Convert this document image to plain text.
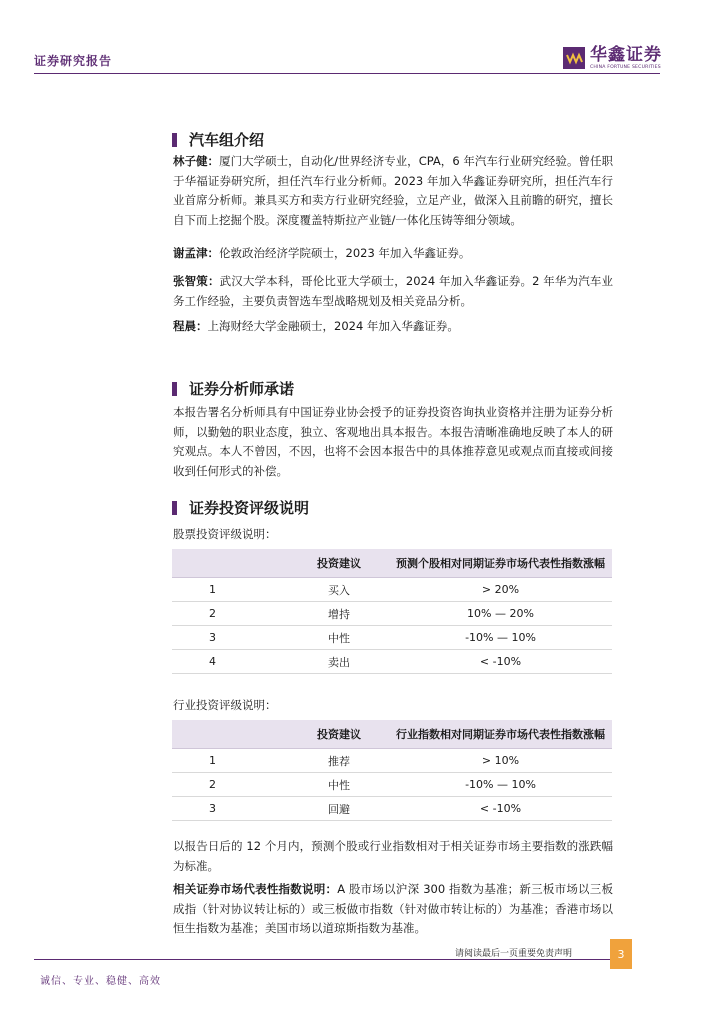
证券研究报告	华鑫证券
CHINA FORTUNE SECURITIES
汽车组介绍
林子健：厦门大学硕士，自动化/世界经济专业，CPA，6 年汽车行业研究经验。曾任职于华福证券研究所，担任汽车行业分析师。2023 年加入华鑫证券研究所，担任汽车行业首席分析师。兼具买方和卖方行业研究经验，立足产业，做深入且前瞻的研究，擅长自下而上挖掘个股。深度覆盖特斯拉产业链/一体化压铸等细分领域。
谢孟津：伦敦政治经济学院硕士，2023 年加入华鑫证券。
张智策：武汉大学本科，哥伦比亚大学硕士，2024 年加入华鑫证券。2 年华为汽车业务工作经验，主要负责智选车型战略规划及相关竞品分析。
程晨：上海财经大学金融硕士，2024 年加入华鑫证券。
证券分析师承诺
本报告署名分析师具有中国证券业协会授予的证券投资咨询执业资格并注册为证券分析师，以勤勉的职业态度，独立、客观地出具本报告。本报告清晰准确地反映了本人的研究观点。本人不曾因，不因，也将不会因本报告中的具体推荐意见或观点而直接或间接收到任何形式的补偿。
证券投资评级说明
股票投资评级说明：
	投资建议	预测个股相对同期证券市场代表性指数涨幅
1	买入	> 20%
2	增持	10% — 20%
3	中性	-10% — 10%
4	卖出	< -10%
行业投资评级说明：
	投资建议	行业指数相对同期证券市场代表性指数涨幅
1	推荐	> 10%
2	中性	-10% — 10%
3	回避	< -10%
以报告日后的 12 个月内，预测个股或行业指数相对于相关证券市场主要指数的涨跌幅为标准。
相关证券市场代表性指数说明：A 股市场以沪深 300 指数为基准；新三板市场以三板成指（针对协议转让标的）或三板做市指数（针对做市转让标的）为基准；香港市场以恒生指数为基准；美国市场以道琼斯指数为基准。
请阅读最后一页重要免责声明	3
诚信、专业、稳健、高效
